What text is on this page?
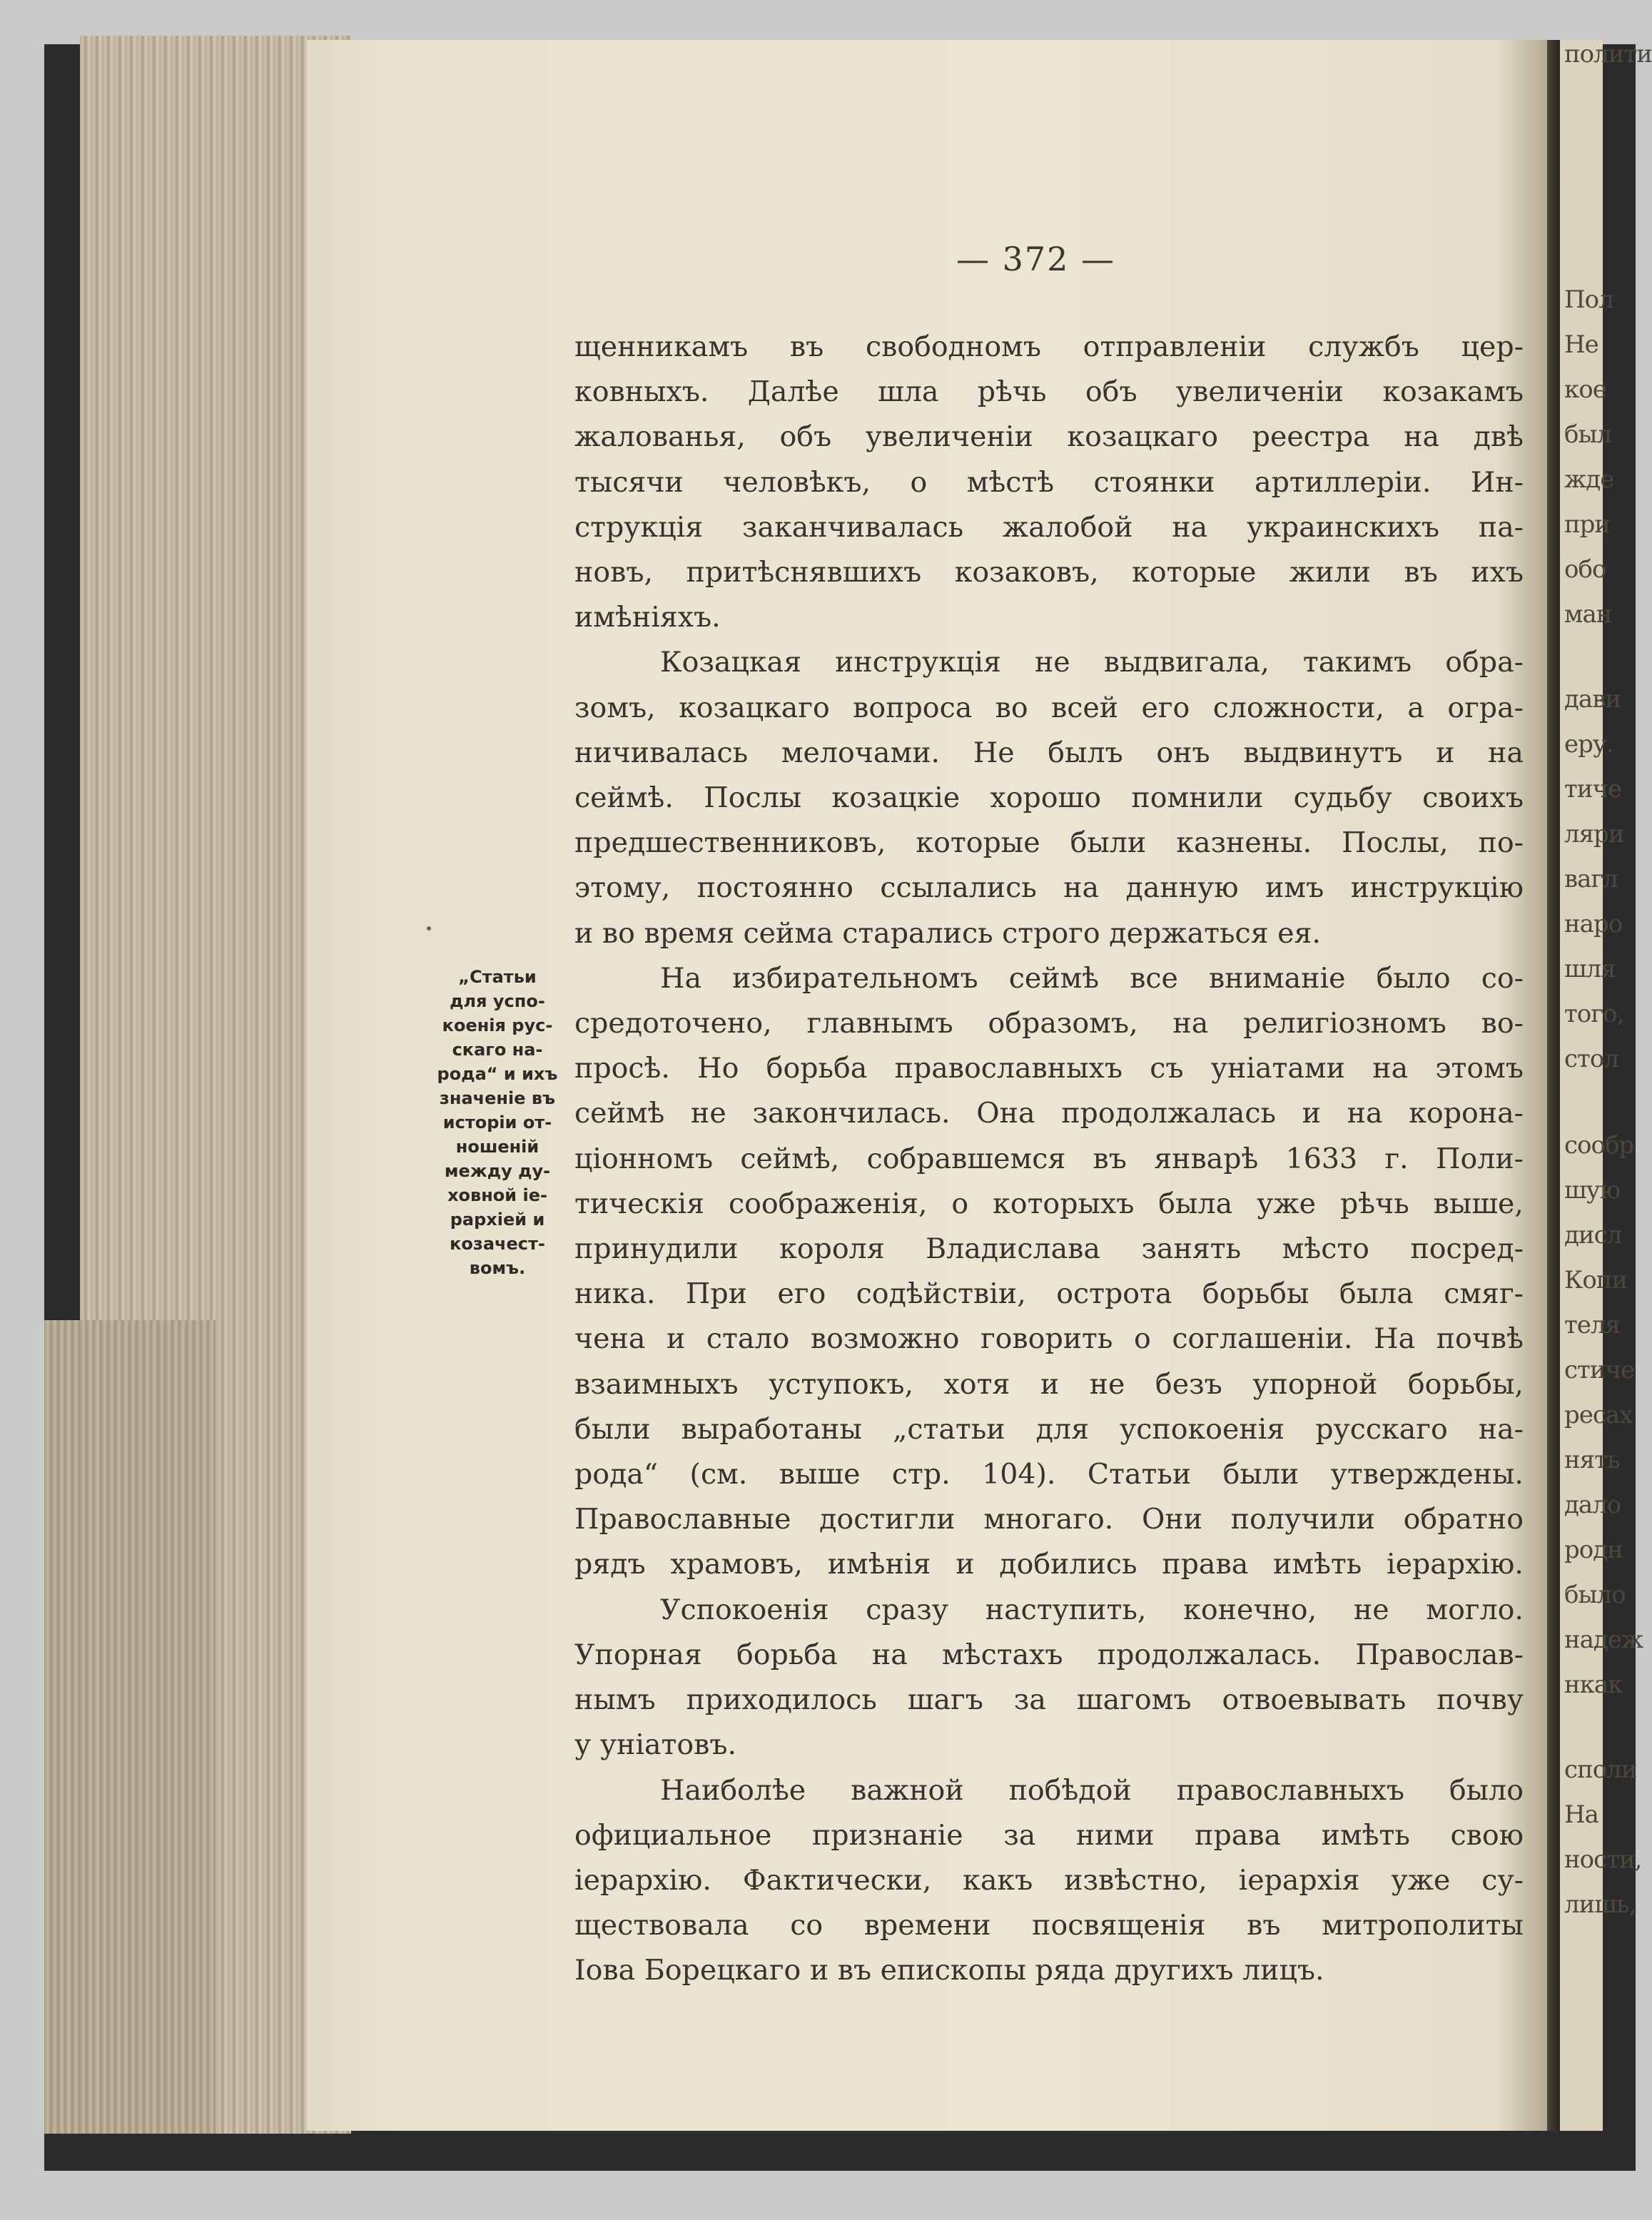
Пол
Не
кое
был
жде
при
обо
ман
дави
еру.
тиче
ляри
вагл
наро
шля
того,
стол
сообр
шую
дисл
Копи
теля
стиче
ресах
нять
дало
родн
было
надеж
нкак
споли
На
ности,
лишь,
полити
— 372 —
„Статьи
для успо-
коенія рус-
скаго на-
рода“ и ихъ
значеніе въ
исторіи от-
ношеній
между ду-
ховной іе-
рархіей и
козачест-
вомъ.
щенникамъ въ свободномъ отправленіи службъ цер-
ковныхъ. Далѣе шла рѣчь объ увеличеніи козакамъ
жалованья, объ увеличеніи козацкаго реестра на двѣ
тысячи человѣкъ, о мѣстѣ стоянки артиллеріи. Ин-
струкція заканчивалась жалобой на украинскихъ па-
новъ, притѣснявшихъ козаковъ, которые жили въ ихъ
имѣніяхъ.
Козацкая инструкція не выдвигала, такимъ обра-
зомъ, козацкаго вопроса во всей его сложности, а огра-
ничивалась мелочами. Не былъ онъ выдвинутъ и на
сеймѣ. Послы козацкіе хорошо помнили судьбу своихъ
предшественниковъ, которые были казнены. Послы, по-
этому, постоянно ссылались на данную имъ инструкцію
и во время сейма старались строго держаться ея.
На избирательномъ сеймѣ все вниманіе было со-
средоточено, главнымъ образомъ, на религіозномъ во-
просѣ. Но борьба православныхъ съ уніатами на этомъ
сеймѣ не закончилась. Она продолжалась и на корона-
ціонномъ сеймѣ, собравшемся въ январѣ 1633 г. Поли-
тическія соображенія, о которыхъ была уже рѣчь выше,
принудили короля Владислава занять мѣсто посред-
ника. При его содѣйствіи, острота борьбы была смяг-
чена и стало возможно говорить о соглашеніи. На почвѣ
взаимныхъ уступокъ, хотя и не безъ упорной борьбы,
были выработаны „статьи для успокоенія русскаго на-
рода“ (см. выше стр. 104). Статьи были утверждены.
Православные достигли многаго. Они получили обратно
рядъ храмовъ, имѣнія и добились права имѣть іерархію.
Успокоенія сразу наступить, конечно, не могло.
Упорная борьба на мѣстахъ продолжалась. Православ-
нымъ приходилось шагъ за шагомъ отвоевывать почву
у уніатовъ.
Наиболѣе важной побѣдой православныхъ было
официальное признаніе за ними права имѣть свою
іерархію. Фактически, какъ извѣстно, іерархія уже су-
ществовала со времени посвященія въ митрополиты
Іова Борецкаго и въ епископы ряда другихъ лицъ.
